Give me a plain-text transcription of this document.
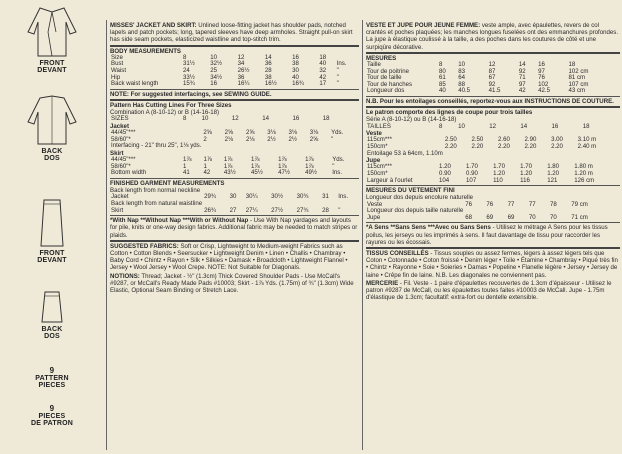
FRONT
DEVANT
BACK
DOS
FRONT
DEVANT
BACK
DOS
9
PATTERN
PIECES
9
PIECES
DE PATRON
MISSES' JACKET AND SKIRT: Unlined loose-fitting jacket has shoulder pads, notched lapels and patch pockets; long, tapered sleeves have deep armholes. Straight pull-on skirt has side seam pockets, elasticized waistline and top-stitch trim.
BODY MEASUREMENTS
Size	8	10	12	14	16	18	
Bust	31½	32½	34	36	38	40	Ins.
Waist	24	25	26½	28	30	32	"
Hip	33½	34½	36	38	40	42	"
Back waist length	15¾	16	16¼	16½	16¾	17	"
NOTE: For suggested interfacings, see SEWING GUIDE.
Pattern Has Cutting Lines For Three Sizes
Combination A (8-10-12) or B (14-16-18)
SIZES	8	10	12	14	16	18	
Jacket
44/45"***	2⅝	2⅝	2⅝	3⅛	3⅛	3⅛	Yds.
58/60"*	2	2⅛	2⅛	2½	2½	2⅝	"
Interfacing - 21" thru 25", 1⅛ yds.							
Skirt
44/45"***	1⅞	1⅞	1⅞	1⅞	1⅞	1⅞	Yds.
58/60"*	1	1	1⅞	1⅞	1⅞	1⅞	"
Bottom width	41	42	43½	45½	47½	49½	Ins.
FINISHED GARMENT MEASUREMENTS
Back length from normal neckline
Jacket	29¾	30	30¼	30½	30¾	31	Ins.
Back length from natural waistline							
Skirt	26¾	27	27¼	27½	27¾	28	"
*With Nap **Without Nap ***With or Without Nap - Use With Nap yardages and layouts for pile, knits or one-way design fabrics. Additional fabric may be needed to match stripes or plaids.
SUGGESTED FABRICS: Soft or Crisp, Lightweight to Medium-weight Fabrics such as Cotton • Cotton Blends • Seersucker • Lightweight Denim • Linen • Challis • Chambray • Baby Cord • Chintz • Rayon • Silk • Silkies • Damask • Broadcloth • Lightweight Flannel • Jersey • Wool Jersey • Wool Crepe. NOTE: Not Suitable for Diagonals.
NOTIONS: Thread; Jacket - ½" (1.3cm) Thick Covered Shoulder Pads - Use McCall's #9287, or McCall's Ready Made Pads #10003; Skirt - 1⅞ Yds. (1.75m) of ¾" (1.3cm) Wide Elastic, Optional Seam Binding or Stretch Lace.
VESTE ET JUPE POUR JEUNE FEMME: veste ample, avec épaulettes, revers de col crantés et poches plaquées; les manches longues fuselées ont des emmanchures profondes. La jupe à élastique coulissé à la taille, a des poches dans les coutures de côté et une surpiqûre décorative.
MESURES
Taille	8	10	12	14	16	18	
Tour de poitrine	80	83	87	92	97	102 cm	
Tour de taille	61	64	67	71	76	81 cm	
Tour de hanches	85	88	92	97	102	107 cm	
Longueur dos	40	40.5	41.5	42	42.5	43 cm	
N.B. Pour les entoilages conseillés, reportez-vous aux INSTRUCTIONS DE COUTURE.
Le patron comporte des lignes de coupe pour trois tailles
Série A (8-10-12) ou B (14-16-18)
TAILLES	8	10	12	14	16	18	
Veste
115cm***	2.50	2.50	2.60	2.90	3.00	3.10 m	
150cm*	2.20	2.20	2.20	2.20	2.20	2.40 m	
Entoilage 53 à 64cm, 1.10m							
Jupe
115cm***	1.20	1.70	1.70	1.70	1.80	1.80 m	
150cm*	0.90	0.90	1.20	1.20	1.20	1.20 m	
Largeur à l'ourlet	104	107	110	116	121	126 cm	
MESURES DU VETEMENT FINI
Longueur dos depuis encolure naturelle
Veste	76	76	77	77	78	79 cm	
Longueur dos depuis taille naturelle							
Jupe	68	69	69	70	70	71 cm	
*A Sens **Sans Sens ***Avec ou Sans Sens - Utilisez le métrage A Sens pour les tissus poilus, les jerseys ou les imprimés à sens. Il faut davantage de tissu pour raccorder les rayures ou les écossais.
TISSUS CONSEILLÉS - Tissus souples ou assez fermes, légers à assez légers tels que Coton • Cotonnade • Coton froissé • Denim léger • Toile • Étamine • Chambray • Piqué très fin • Chintz • Rayonne • Soie • Soieries • Damas • Popeline • Flanelle légère • Jersey • Jersey de laine • Crêpe fin de laine. N.B. Les diagonales ne conviennent pas.
MERCERIE - Fil. Veste - 1 paire d'épaulettes recouvertes de 1.3cm d'épaisseur - Utilisez le patron #9287 de McCall, ou les épaulettes toutes faites #10003 de McCall. Jupe - 1.75m d'élastique de 1.3cm; facultatif: extra-fort ou dentelle extensible.
